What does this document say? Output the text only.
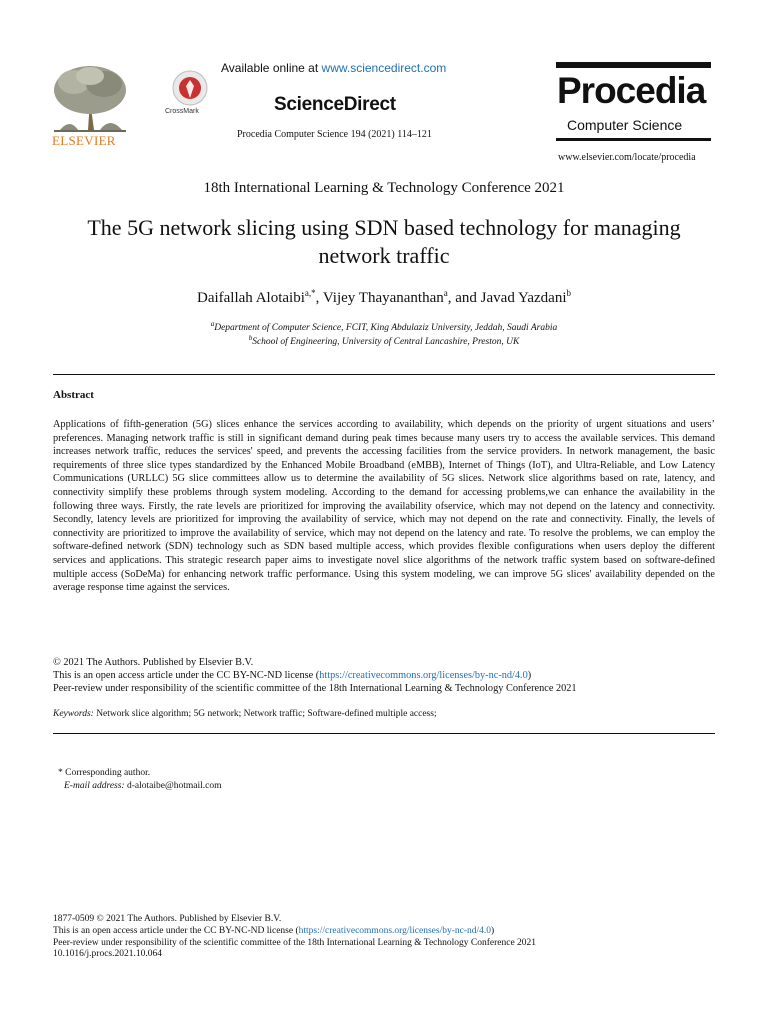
ELSEVIER
CrossMark
Available online at www.sciencedirect.com
ScienceDirect
Procedia Computer Science 194 (2021) 114–121
Procedia
Computer Science
www.elsevier.com/locate/procedia
18th International Learning & Technology Conference 2021
The 5G network slicing using SDN based technology for managing
network traffic
Daifallah Alotaibi$^{a,*}$, Vijey Thayananthan$^a$, and Javad Yazdani$^b$
$^a$Department of Computer Science, FCIT, King Abdulaziz University, Jeddah, Saudi Arabia
$^b$School of Engineering, University of Central Lancashire, Preston, UK
Abstract
Applications of fifth-generation (5G) slices enhance the services according to availability, which depends on the priority of urgent situations and users’ preferences. Managing network traffic is still in significant demand during peak times because many users try to access the available services. This demand increases network traffic, reduces the services' speed, and prevents the accessing facilities from the service providers. In network management, the basic requirements of three slice types standardized by the Enhanced Mobile Broadband (eMBB), Internet of Things (IoT), and Ultra-Reliable, and Low Latency Communications (URLLC) 5G slice committees allow us to determine the availability of 5G slices. Network slice algorithms based on rate, latency, and connectivity simplify these problems through system modeling. According to the demand for accessing problems,we can enhance the availability in the following three ways. Firstly, the rate levels are prioritized for improving the availability ofservice, which may not depend on the latency and connectivity. Secondly, latency levels are prioritized for improving the availability of service, which may not depend on the rate and connectivity. Finally, the levels of connectivity are prioritized to improve the availability of service, which may not depend on the latency and rate. To resolve the problems, we can employ the software-defined network (SDN) technology such as SDN based multiple access, which provides flexible configurations when users deploy the different services and applications. This strategic research paper aims to investigate novel slice algorithms of the network traffic system based on software-defined multiple access (SoDeMa) for enhancing network traffic performance. Using this system modeling, we can improve 5G slices' availability depended on the average response time against the services.
© 2021 The Authors. Published by Elsevier B.V.
This is an open access article under the CC BY-NC-ND license (https://creativecommons.org/licenses/by-nc-nd/4.0)
Peer-review under responsibility of the scientific committee of the 18th International Learning & Technology Conference 2021
Keywords: Network slice algorithm; 5G network; Network traffic; Software-defined multiple access;
* Corresponding author.
E-mail address: d-alotaibe@hotmail.com
1877-0509 © 2021 The Authors. Published by Elsevier B.V.
This is an open access article under the CC BY-NC-ND license (https://creativecommons.org/licenses/by-nc-nd/4.0)
Peer-review under responsibility of the scientific committee of the 18th International Learning & Technology Conference 2021
10.1016/j.procs.2021.10.064
